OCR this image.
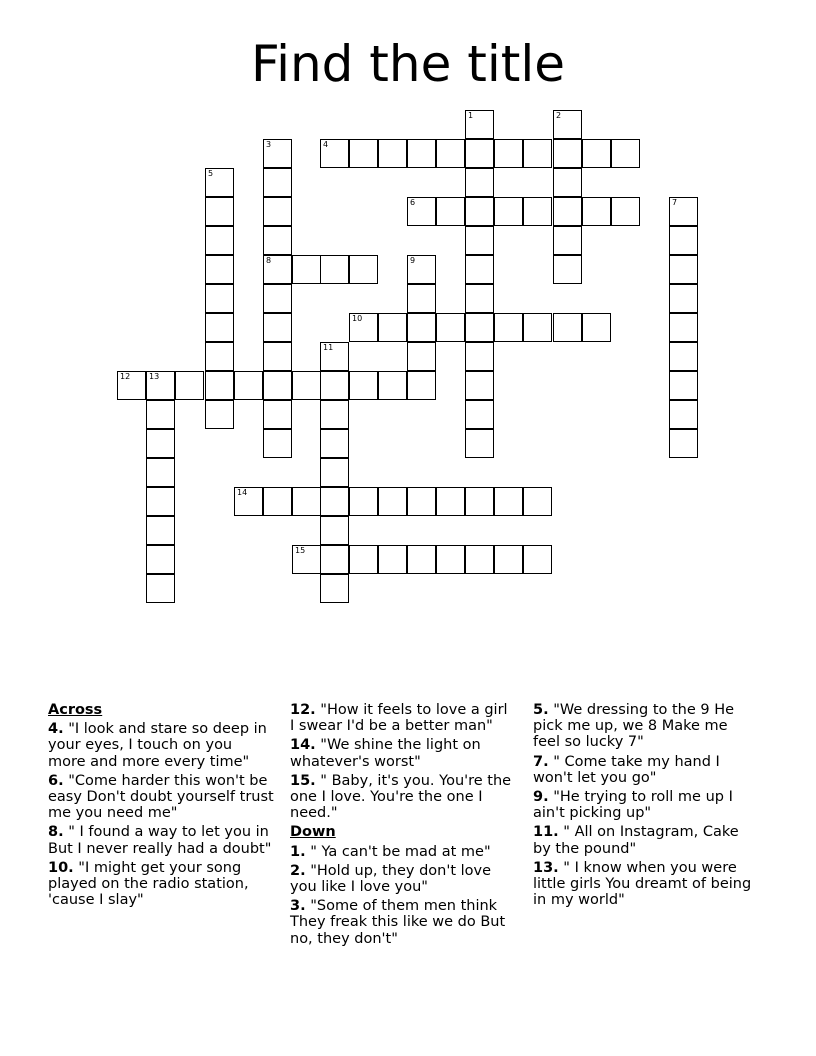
Find the title
1	2
3	4
5
6	7
8	9
10
11
12 13
14
15
Across
4. "I look and stare so deep in your eyes, I touch on you more and more every time"
6. "Come harder this won't be easy Don't doubt yourself trust me you need me"
8. " I found a way to let you in But I never really had a doubt"
10. "I might get your song played on the radio station, 'cause I slay"
12. "How it feels to love a girl I swear I'd be a better man"
14. "We shine the light on whatever's worst"
15. " Baby, it's you. You're the one I love. You're the one I need."
Down
1. " Ya can't be mad at me"
2. "Hold up, they don't love you like I love you"
3. "Some of them men think They freak this like we do But no, they don't"
5. "We dressing to the 9 He pick me up, we 8 Make me feel so lucky 7"
7. " Come take my hand I won't let you go"
9. "He trying to roll me up I ain't picking up"
11. " All on Instagram, Cake by the pound"
13. " I know when you were little girls You dreamt of being in my world"
